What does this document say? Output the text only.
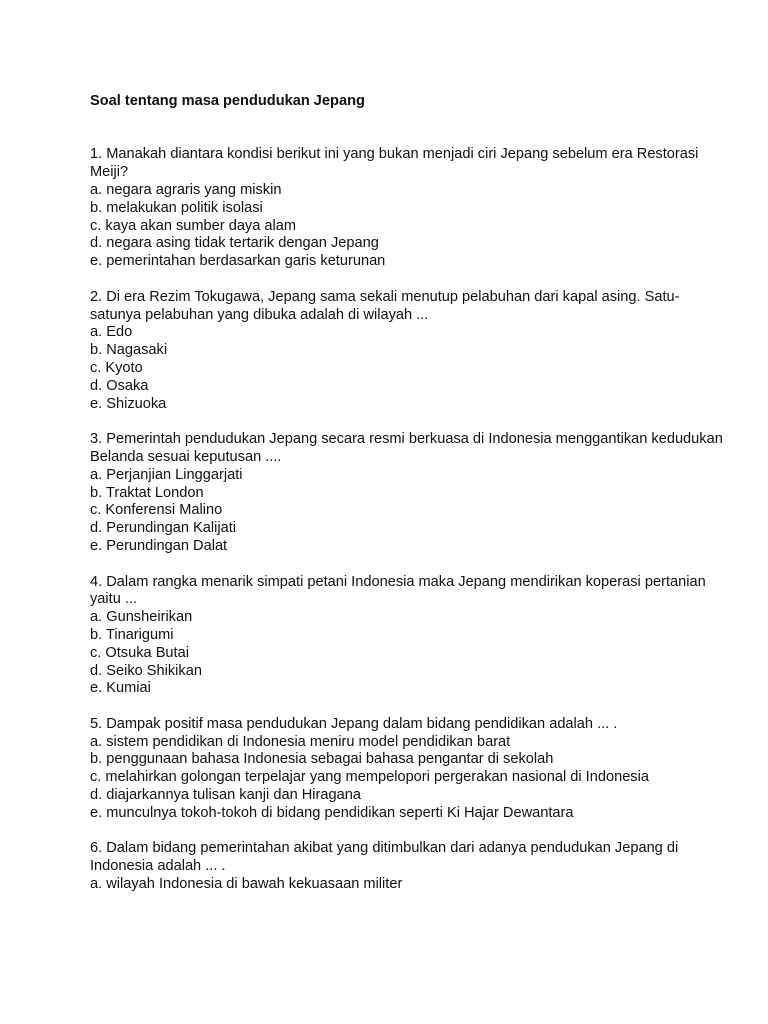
Soal tentang masa pendudukan Jepang

1. Manakah diantara kondisi berikut ini yang bukan menjadi ciri Jepang sebelum era Restorasi Meiji?

a. negara agraris yang miskin
b. melakukan politik isolasi
c. kaya akan sumber daya alam
d. negara asing tidak tertarik dengan Jepang
e. pemerintahan berdasarkan garis keturunan

2. Di era Rezim Tokugawa, Jepang sama sekali menutup pelabuhan dari kapal asing. Satu-satunya pelabuhan yang dibuka adalah di wilayah ...

a. Edo
b. Nagasaki
c. Kyoto
d. Osaka
e. Shizuoka

3. Pemerintah pendudukan Jepang secara resmi berkuasa di Indonesia menggantikan kedudukan Belanda sesuai keputusan ....

a. Perjanjian Linggarjati
b. Traktat London
c. Konferensi Malino
d. Perundingan Kalijati
e. Perundingan Dalat

4. Dalam rangka menarik simpati petani Indonesia maka Jepang mendirikan koperasi pertanian yaitu ...

a. Gunsheirikan
b. Tinarigumi
c. Otsuka Butai
d. Seiko Shikikan
e. Kumiai

5. Dampak positif masa pendudukan Jepang dalam bidang pendidikan adalah ... .

a. sistem pendidikan di Indonesia meniru model pendidikan barat
b. penggunaan bahasa Indonesia sebagai bahasa pengantar di sekolah
c. melahirkan golongan terpelajar yang mempelopori pergerakan nasional di Indonesia
d. diajarkannya tulisan kanji dan Hiragana
e. munculnya tokoh-tokoh di bidang pendidikan seperti Ki Hajar Dewantara

6. Dalam bidang pemerintahan akibat yang ditimbulkan dari adanya pendudukan Jepang di Indonesia adalah ... .

a. wilayah Indonesia di bawah kekuasaan militer
